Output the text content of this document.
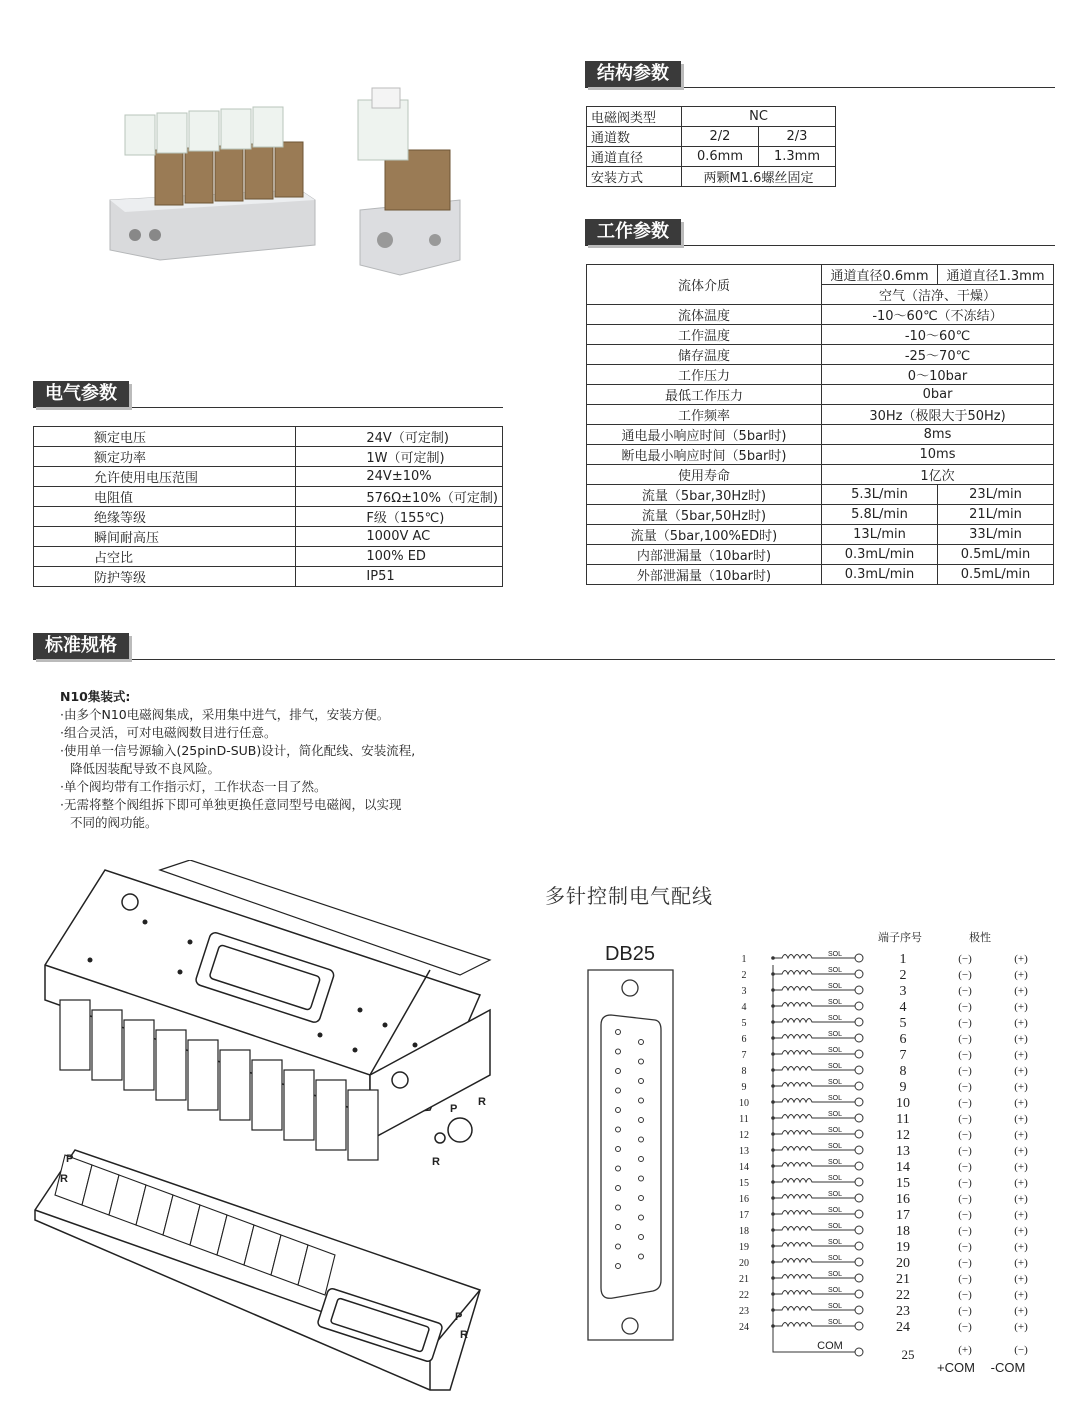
结构参数
电磁阀类型	NC	
通道数	2/2	2/3
通道直径	0.6mm	1.3mm
安装方式	两颗M1.6螺丝固定	
工作参数
流体介质	通道直径0.6mm	通道直径1.3mm
	空气（洁净、干燥）	
流体温度	-10～60℃（不冻结）	
工作温度	-10～60℃	
储存温度	-25～70℃	
工作压力	0～10bar	
最低工作压力	0bar	
工作频率	30Hz（极限大于50Hz)	
通电最小响应时间（5bar时)	8ms	
断电最小响应时间（5bar时)	10ms	
使用寿命	1亿次	
流量（5bar,30Hz时)	5.3L/min	23L/min
流量（5bar,50Hz时)	5.8L/min	21L/min
流量（5bar,100%ED时)	13L/min	33L/min
内部泄漏量（10bar时)	0.3mL/min	0.5mL/min
外部泄漏量（10bar时)	0.3mL/min	0.5mL/min
电气参数
额定电压	24V（可定制)
额定功率	1W（可定制)
允许使用电压范围	24V±10%
电阻值	576Ω±10%（可定制)
绝缘等级	F级（155℃)
瞬间耐高压	1000V AC
占空比	100% ED
防护等级	IP51
标准规格
N10集装式:
·由多个N10电磁阀集成，采用集中进气，排气，安装方便。
·组合灵活，可对电磁阀数目进行任意。
·使用单一信号源输入(25pinD-SUB)设计，简化配线、安装流程,
降低因装配导致不良风险。
·单个阀均带有工作指示灯，工作状态一目了然。
·无需将整个阀组拆下即可单独更换任意同型号电磁阀，以实现
不同的阀功能。
P
R
R
P
R
P
R
多针控制电气配线
DB25
端子序号	极性
1	SOL	1	(−)	(+)
2	SOL	2	(−)	(+)
3	SOL	3	(−)	(+)
4	SOL	4	(−)	(+)
5	SOL	5	(−)	(+)
6	SOL	6	(−)	(+)
7	SOL	7	(−)	(+)
8	SOL	8	(−)	(+)
9	SOL	9	(−)	(+)
10	SOL	10	(−)	(+)
11	SOL	11	(−)	(+)
12	SOL	12	(−)	(+)
13	SOL	13	(−)	(+)
14	SOL	14	(−)	(+)
15	SOL	15	(−)	(+)
16	SOL	16	(−)	(+)
17	SOL	17	(−)	(+)
18	SOL	18	(−)	(+)
19	SOL	19	(−)	(+)
20	SOL	20	(−)	(+)
21	SOL	21	(−)	(+)
22	SOL	22	(−)	(+)
23	SOL	23	(−)	(+)
24	SOL	24	(−)	(+)
COM
25	(+)	(−)
+COM -COM
